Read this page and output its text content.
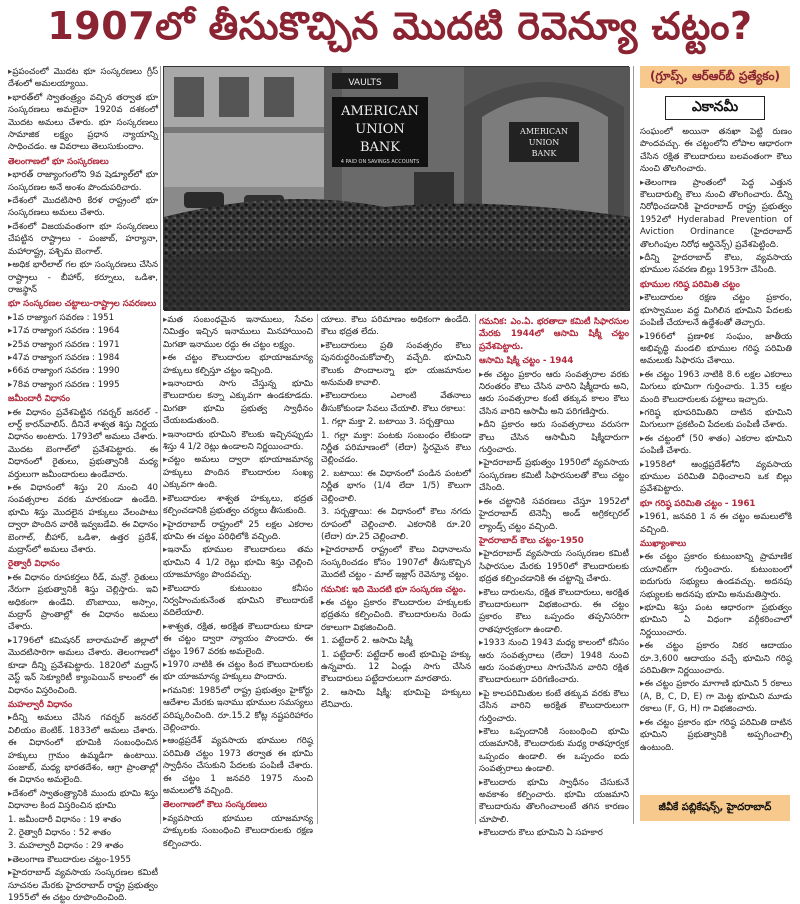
1907లో తీసుకొచ్చిన మొదటి రెవెన్యూ చట్టం?

▸ ప్రపంచంలో మొదట భూ సంస్కరణలు గ్రీస్ దేశంలో అమలయ్యాయి.

▸ భారత్‌లో స్వాతంత్ర్యం వచ్చిన తర్వాత భూ సంస్కరణలు అమలైనా 1920వ దశకంలో మొదట అమలు చేశారు. భూ సంస్కరణలు సామాజిక లక్ష్యం ప్రధాన న్యాయాన్ని సాధించడం. ఆ వివరాలు తెలుసుకుందాం.

తెలంగాణలో భూ సంస్కరణలు

▸ భారత్ రాజ్యాంగంలోని 9వ షెడ్యూల్‌లో భూ సంస్కరణల అనే అంశం పొందుపరిచారు.

▸ దేశంలో మొదటిసారి కేరళ రాష్ట్రంలో భూ సంస్కరణలు అమలు చేశారు.

▸ దేశంలో విజయవంతంగా భూ సంస్కరణలు చేపట్టిన రాష్ట్రాలు - పంజాబ్, హర్యానా, మహారాష్ట్ర, పశ్చిమ బెంగాల్.

▸ అధిక భారీలాల్ గల భూ సంస్కరణలు చేసిన రాష్ట్రాలు - బీహార్, కర్నూలు, ఒడిశా, రాజస్థాన్

భూ సంస్కరణల చట్టాలు-రాష్ట్రాల సవరణలు

▸ 1వ రాజ్యాంగ సవరణ : 1951

▸ 17వ రాజ్యాంగ సవరణ : 1964

▸ 25వ రాజ్యాంగ సవరణ : 1971

▸ 47వ రాజ్యాంగ సవరణ : 1984

▸ 66వ రాజ్యాంగ సవరణ : 1990

▸ 78వ రాజ్యాంగ సవరణ : 1995

జమీందారీ విధానం

▸ ఈ విధానం ప్రవేశపెట్టిన గవర్నర్ జనరల్ - లార్డ్ కారన్‌వాలిస్. దీనినే శాశ్వత శిస్తు నిర్ణయ విధానం అంటారు. 1793లో అమలు చేశారు. మొదట బెంగాల్‌లో ప్రవేశపెట్టారు. ఈ విధానంలో రైతులు, ప్రభుత్వానికి మధ్య వర్తులుగా జమీందారులు ఉండేవారు.

▸ ఈ విధానంలో శిస్తు 20 నుంచి 40 సంవత్సరాల వరకు మారకుండా ఉండేది. భూమి శిస్తు మొదలైన హక్కులు వేలంపాటు ద్వారా పొందిన వారికి ఇవ్వబడేవి. ఈ విధానం బెంగాల్, బీహార్, ఒడిశా, ఉత్తర ప్రదేశ్, మద్రాస్‌లో అమలు చేశారు.

రైత్వారీ విధానం

▸ ఈ విధానం రూపకర్తలు రీడ్, మన్రో. రైతులు నేరుగా ప్రభుత్వానికి శిస్తు చెల్లిస్తారు. ఇవి అధికంగా ఉండేవి. బొంబాయి, అస్సాం, మద్రాస్ ప్రాంతాల్లో ఈ విధానం అమలు చేశారు.

▸ 1796లో కమిషనర్ బారామహల్ జిల్లాలో మొదటిసారిగా అమలు చేశారు. తెలంగాణలో కూడా దీన్ని ప్రవేశపెట్టారు. 1820లో మద్రాస్ వెస్ట్ ఇన్ సెక్యూరిటీ క్యాంపెయిన్ కాలంలో ఈ విధానం విస్తరించింది.

మహల్వారీ విధానం

▸ దీన్ని అమలు చేసిన గవర్నర్ జనరల్ విలియం బెంటిక్. 1833లో అమలు చేశారు. ఈ విధానంలో భూమికి సంబంధించిన హక్కులు గ్రామం ఉమ్మడిగా ఉంటాయి. పంజాబ్, మధ్య భారతదేశం, ఆగ్రా ప్రాంతాల్లో ఈ విధానం అమలైంది.

▸ దేశంలో స్వాతంత్ర్యానికి ముందు భూమి శిస్తు విధానాల కింద విస్తరించిన భూమి

1. జమీందారీ విధానం : 19 శాతం

2. రైత్వారీ విధానం : 52 శాతం

3. మహల్వారీ విధానం : 29 శాతం

▸ తెలంగాణ కౌలుదారుల చట్టం-1955

▸ హైదరాబాద్ వ్యవసాయ సంస్కరణల కమిటీ సూచనల మేరకు హైదరాబాద్ రాష్ట్ర ప్రభుత్వం 1955లో ఈ చట్టం రూపొందించింది.

VAULTS
AMERICAN
UNION
BANK
4 PAID ON SAVINGS ACCOUNTS
AMERICAN
UNION
BANK

▸ మత సంబంధమైన ఇనాములు, సేవల నిమిత్తం ఇచ్చిన ఇనాములు మినహాయించి మిగతా ఇనాముల రద్దు ఈ చట్టం లక్ష్యం.

▸ ఈ చట్టం కౌలుదారుల భూయాజమాన్య హక్కులు కల్పిస్తూ చట్టం ఇచ్చింది.

▸ ఇనాందారు సాగు చేస్తున్న భూమి కౌలుదారుల కన్నా ఎక్కువగా ఉండకూడదు. మిగతా భూమి ప్రభుత్వ స్వాధీనం చేయబడుతుంది.

▸ ఇనాందారు భూమిని కౌలుకు ఇచ్చినప్పుడు శిస్తు 4 1/2 రెట్లు ఉండాలని నిర్ణయించారు.

▸ చట్టం అమలు ద్వారా భూయాజమాన్య హక్కులు పొందిన కౌలుదారుల సంఖ్య ఎక్కువగా ఉంది.

▸ కౌలుదారుల శాశ్వత హక్కులు, భద్రత కల్పించడానికి ప్రభుత్వం చర్యలు తీసుకుంది.

▸ హైదరాబాద్ రాష్ట్రంలో 25 లక్షల ఎకరాల భూమి ఈ చట్టం పరిధిలోకి వచ్చింది.

▸ ఇనామ్ భూముల కౌలుదారులు తమ భూమిని 4 1/2 రెట్లు భూమి శిస్తు చెల్లించి యాజమాన్యం పొందవచ్చు.

▸ కౌలుదారు కుటుంబం కనీసం నిర్వహించుకునేంత భూమిని కౌలుదారుకే వదిలేయాలి.

▸ శాశ్వత, రక్షిత, అరక్షిత కౌలుదారులు కూడా ఈ చట్టం ద్వారా న్యాయం పొందారు. ఈ చట్టం 1967 వరకు అమలైంది.

▸ 1970 నాటికి ఈ చట్టం కింద కౌలుదారులకు భూ యాజమాన్య హక్కులు పొందారు.

▸ గమనిక: 1985లో రాష్ట్ర ప్రభుత్వం హైకోర్టు ఆదేశాల మేరకు ఇనాము భూముల సమస్యలు పరిష్కరించింది. రూ.15.2 కోట్ల నష్టపరిహారం చెల్లించారు.

▸ ఆంధ్రప్రదేశ్ వ్యవసాయ భూముల గరిష్ఠ పరిమితి చట్టం 1973 తర్వాత ఈ భూమి స్వాధీనం చేసుకుని పేదలకు పంపిణీ చేశారు. ఈ చట్టం 1 జనవరి 1975 నుంచి అమలులోకి వచ్చింది.

తెలంగాణలో కౌలు సంస్కరణలు

▸ వ్యవసాయ భూముల యాజమాన్య హక్కులకు సంబంధించి కౌలుదారులకు రక్షణ కల్పించారు.

యాలు. కౌలు పరిమాణం అధికంగా ఉండేది. కౌలు భద్రత లేదు.

▸ కౌలుదారులు ప్రతి సంవత్సరం కౌలు పునరుద్ధరించుకోవాల్సి వచ్చేది. భూమిని కౌలుకు పొందాలన్నా భూ యజమానుల అనుమతి కావాలి.

▸ కౌలుదారులు ఎలాంటి వేతనాలు తీసుకోకుండా సేవలు చేయాలి. కౌలు రకాలు:

1. గల్లా మక్తా 2. బటాయి 3. సర్బత్తాయి

1. గల్లా మక్తా: పంటకు సంబంధం లేకుండా నిర్ణీత పరిమాణంలో (లేదా) స్థిరమైన కౌలు చెల్లించడం.

2. బటాయి: ఈ విధానంలో పండిన పంటలో నిర్ణీత భాగం (1/4 లేదా 1/5) కౌలుగా చెల్లించాలి.

3. సర్బత్తాయి: ఈ విధానంలో కౌలు నగదు రూపంలో చెల్లించాలి. ఎకరానికి రూ.20 (లేదా) రూ.25 చెల్లించాలి.

▸ హైదరాబాద్ రాష్ట్రంలో కౌలు విధానాలను సంస్కరించడం కోసం 1907లో తీసుకొచ్చిన మొదటి చట్టం - మాల్ ఇజ్లాస్ రెవెన్యూ చట్టం.

గమనిక: ఇది మొదటి భూ సంస్కరణ చట్టం.

▸ ఈ చట్టం ప్రకారం కౌలుదారుల హక్కులకు భద్రతను కల్పించింది. కౌలుదారులను రెండు రకాలుగా విభజించింది.

1. పట్టేదార్ 2. ఆసామి షిక్మీ

1. పట్టేదార్: పట్టేదార్ అంటే భూమిపై హక్కు ఉన్నవారు. 12 ఏండ్లు సాగు చేసిన కౌలుదారులు పట్టేదారులుగా మారతారు.

2. ఆసామి షిక్మీ: భూమిపై హక్కులు లేనివారు.

గమనిక: ఎం.ఏ. భరతాదా కమిటీ సిఫారసుల మేరకు 1944లో ఆసామి షిక్మీ చట్టం ప్రవేశపెట్టారు.

ఆసామి షిక్మీ చట్టం - 1944

▸ ఈ చట్టం ప్రకారం ఆరు సంవత్సరాల వరకు నిరంతరం కౌలు చేసిన వారిని షిక్మీదారు అని, ఆరు సంవత్సరాల కంటే తక్కువ కాలం కౌలు చేసిన వారిని ఆసామీ అని పరిగణిస్తారు.

▸ దీని ప్రకారం ఆరు సంవత్సరాలు వరుసగా కౌలు చేసిన ఆసామీని షిక్మీదారుగా గుర్తించారు.

▸ హైదరాబాద్ ప్రభుత్వం 1950లో వ్యవసాయ సంస్కరణల కమిటీ సిఫారసులతో కౌలు చట్టం చేసింది.

▸ ఈ చట్టానికి సవరణలు చేస్తూ 1952లో హైదరాబాద్ టెనెన్సీ అండ్ అగ్రికల్చరల్ ల్యాండ్స్ చట్టం వచ్చింది.

హైదరాబాద్ కౌలు చట్టం-1950

▸ హైదరాబాద్ వ్యవసాయ సంస్కరణల కమిటీ సిఫారసుల మేరకు 1950లో కౌలుదారులకు భద్రత కల్పించడానికి ఈ చట్టాన్ని చేశారు.

▸ కౌలు దారులను, రక్షిత కౌలుదారులు, అరక్షిత కౌలుదారులుగా విభజించారు. ఈ చట్టం ప్రకారం కౌలు ఒప్పందం తప్పనిసరిగా రాతపూర్వకంగా ఉండాలి.

▸ 1933 నుంచి 1943 మధ్య కాలంలో కనీసం ఆరు సంవత్సరాలు (లేదా) 1948 నుంచి ఆరు సంవత్సరాలు సాగుచేసిన వారిని రక్షిత కౌలుదారులుగా పరిగణించారు.

▸ పై కాలపరిమితుల కంటే తక్కువ వరకు కౌలు చేసిన వారిని అరక్షిత కౌలుదారులుగా గుర్తించారు.

▸ కౌలు ఒప్పందానికి సంబంధించి భూమి యజమానికి, కౌలుదారుకు మధ్య రాతపూర్వక ఒప్పందం ఉండాలి. ఈ ఒప్పందం ఐదు సంవత్సరాలు ఉండాలి.

▸ కౌలుదారు భూమి స్వాధీనం చేసుకునే అవకాశం కల్పించారు. భూమి యజమాని కౌలుదారును తొలగించాలంటే తగిన కారణం చూపాలి.

▸ కౌలుదారు కౌలు భూమిని ఏ సహకార

(గ్రూప్స్, ఆర్‌ఆర్‌బీ ప్రత్యేకం)
ఎకానమీ

సంఘంలో అయినా తనఖా పెట్టి రుణం పొందవచ్చు. ఈ చట్టంలోని లోపాల ఆధారంగా చేసిన రక్షిత కౌలుదారులు బలవంతంగా కౌలు నుంచి తొలగించారు.

▸ తెలంగాణ ప్రాంతంలో పెద్ద ఎత్తున కౌలుదారుల్ని కౌలు నుంచి తొలగించారు. దీన్ని నిరోధించడానికి హైదరాబాద్ రాష్ట్ర ప్రభుత్వం 1952లో Hyderabad Prevention of Aviction Ordinance (హైదరాబాద్ తొలగింపుల నిరోధ ఆర్డినెన్స్) ప్రవేశపెట్టింది.

▸ దీన్ని హైదరాబాద్ కౌలు, వ్యవసాయ భూముల సవరణ బిల్లు 1953గా చేసింది.

భూముల గరిష్ఠ పరిమితి చట్టం

▸ కౌలుదారుల రక్షణ చట్టం ప్రకారం, భూస్వాముల వద్ద మిగిలిన భూమిని పేదలకు పంపిణీ చేయాలనే ఉద్దేశంతో తెచ్చారు.

▸ 1966లో ప్రణాళిక సంఘం, జాతీయ అభివృద్ధి మండలి భూముల గరిష్ఠ పరిమితి అమలుకు సిఫారసు చేశాయి.

▸ ఈ చట్టం 1963 నాటికి 8.6 లక్షల ఎకరాలు మిగులు భూమిగా గుర్తించారు. 1.35 లక్షల మంది కౌలుదారులకు పట్టాలు ఇచ్చారు.

▸ గరిష్ఠ భూపరిమితిని దాటిన భూమిని మిగులుగా ప్రకటించి పేదలకు పంపిణీ చేశారు.

▸ ఈ చట్టంలో (50 శాతం) ఎకరాల భూమిని పంపిణీ చేశారు.

▸ 1958లో ఆంధ్రప్రదేశ్‌లోని వ్యవసాయ భూముల పరిమితి విధించాలని ఒక బిల్లు ప్రవేశపెట్టారు.

భూ గరిష్ఠ పరిమితి చట్టం - 1961

▸ 1961, జనవరి 1 న ఈ చట్టం అమలులోకి వచ్చింది.

ముఖ్యాంశాలు

▸ ఈ చట్టం ప్రకారం కుటుంబాన్ని ప్రామాణిక యూనిట్‌గా గుర్తించారు. కుటుంబంలో ఐదుగురు సభ్యులు ఉండవచ్చు. అదనపు సభ్యులకు అదనపు భూమి అనుమతిస్తారు.

▸ భూమి శిస్తు పంట ఆధారంగా ప్రభుత్వం భూమిని ఏ విధంగా వర్గీకరించాలో నిర్ణయించారు.

▸ ఈ చట్టం ప్రకారం నికర ఆదాయం రూ.3,600 ఆదాయం వచ్చే భూమిని గరిష్ఠ పరిమితిగా నిర్ణయించారు.

▸ ఈ చట్టం ప్రకారం మాగాణి భూమిని 5 రకాలు (A, B, C, D, E) గా మెట్ట భూమిని మూడు రకాలు (F, G, H) గా విభజించారు.

▸ ఈ చట్టం ప్రకారం భూ గరిష్ఠ పరిమితి దాటిన భూమిని ప్రభుత్వానికి అప్పగించాల్సి ఉంటుంది.

జీవీకే పబ్లికేషన్స్, హైదరాబాద్
